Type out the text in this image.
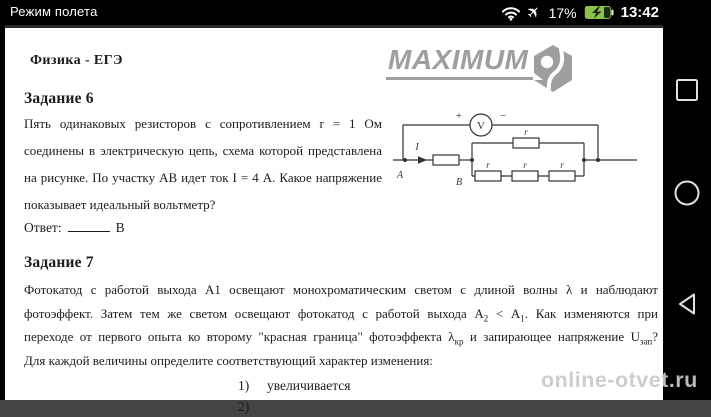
Режим полета	✈ 17%	13:42
Физика - ЕГЭ	MAXIMUM
Задание 6
Пять одинаковых резисторов с сопротивлением r = 1 Ом
соединены в электрическую цепь, схема которой представлена
на рисунке. По участку АВ идет ток I = 4 А. Какое напряжение
показывает идеальный вольтметр?
V
+	−
I
A
B
r
r	r	r
Ответ:	В
Задание 7
Фотокатод с работой выхода А1 освещают монохроматическим светом с длиной волны λ и наблюдают
фотоэффект. Затем тем же светом освещают фотокатод с работой выхода $А_2 < А_1$. Как изменяются при
переходе от первого опыта ко второму "красная граница" фотоэффекта $\lambda_{кр}$ и запирающее напряжение $U_{зап}$?
Для каждой величины определите соответствующий характер изменения:
1) увеличивается
2)
online-otvet.ru
